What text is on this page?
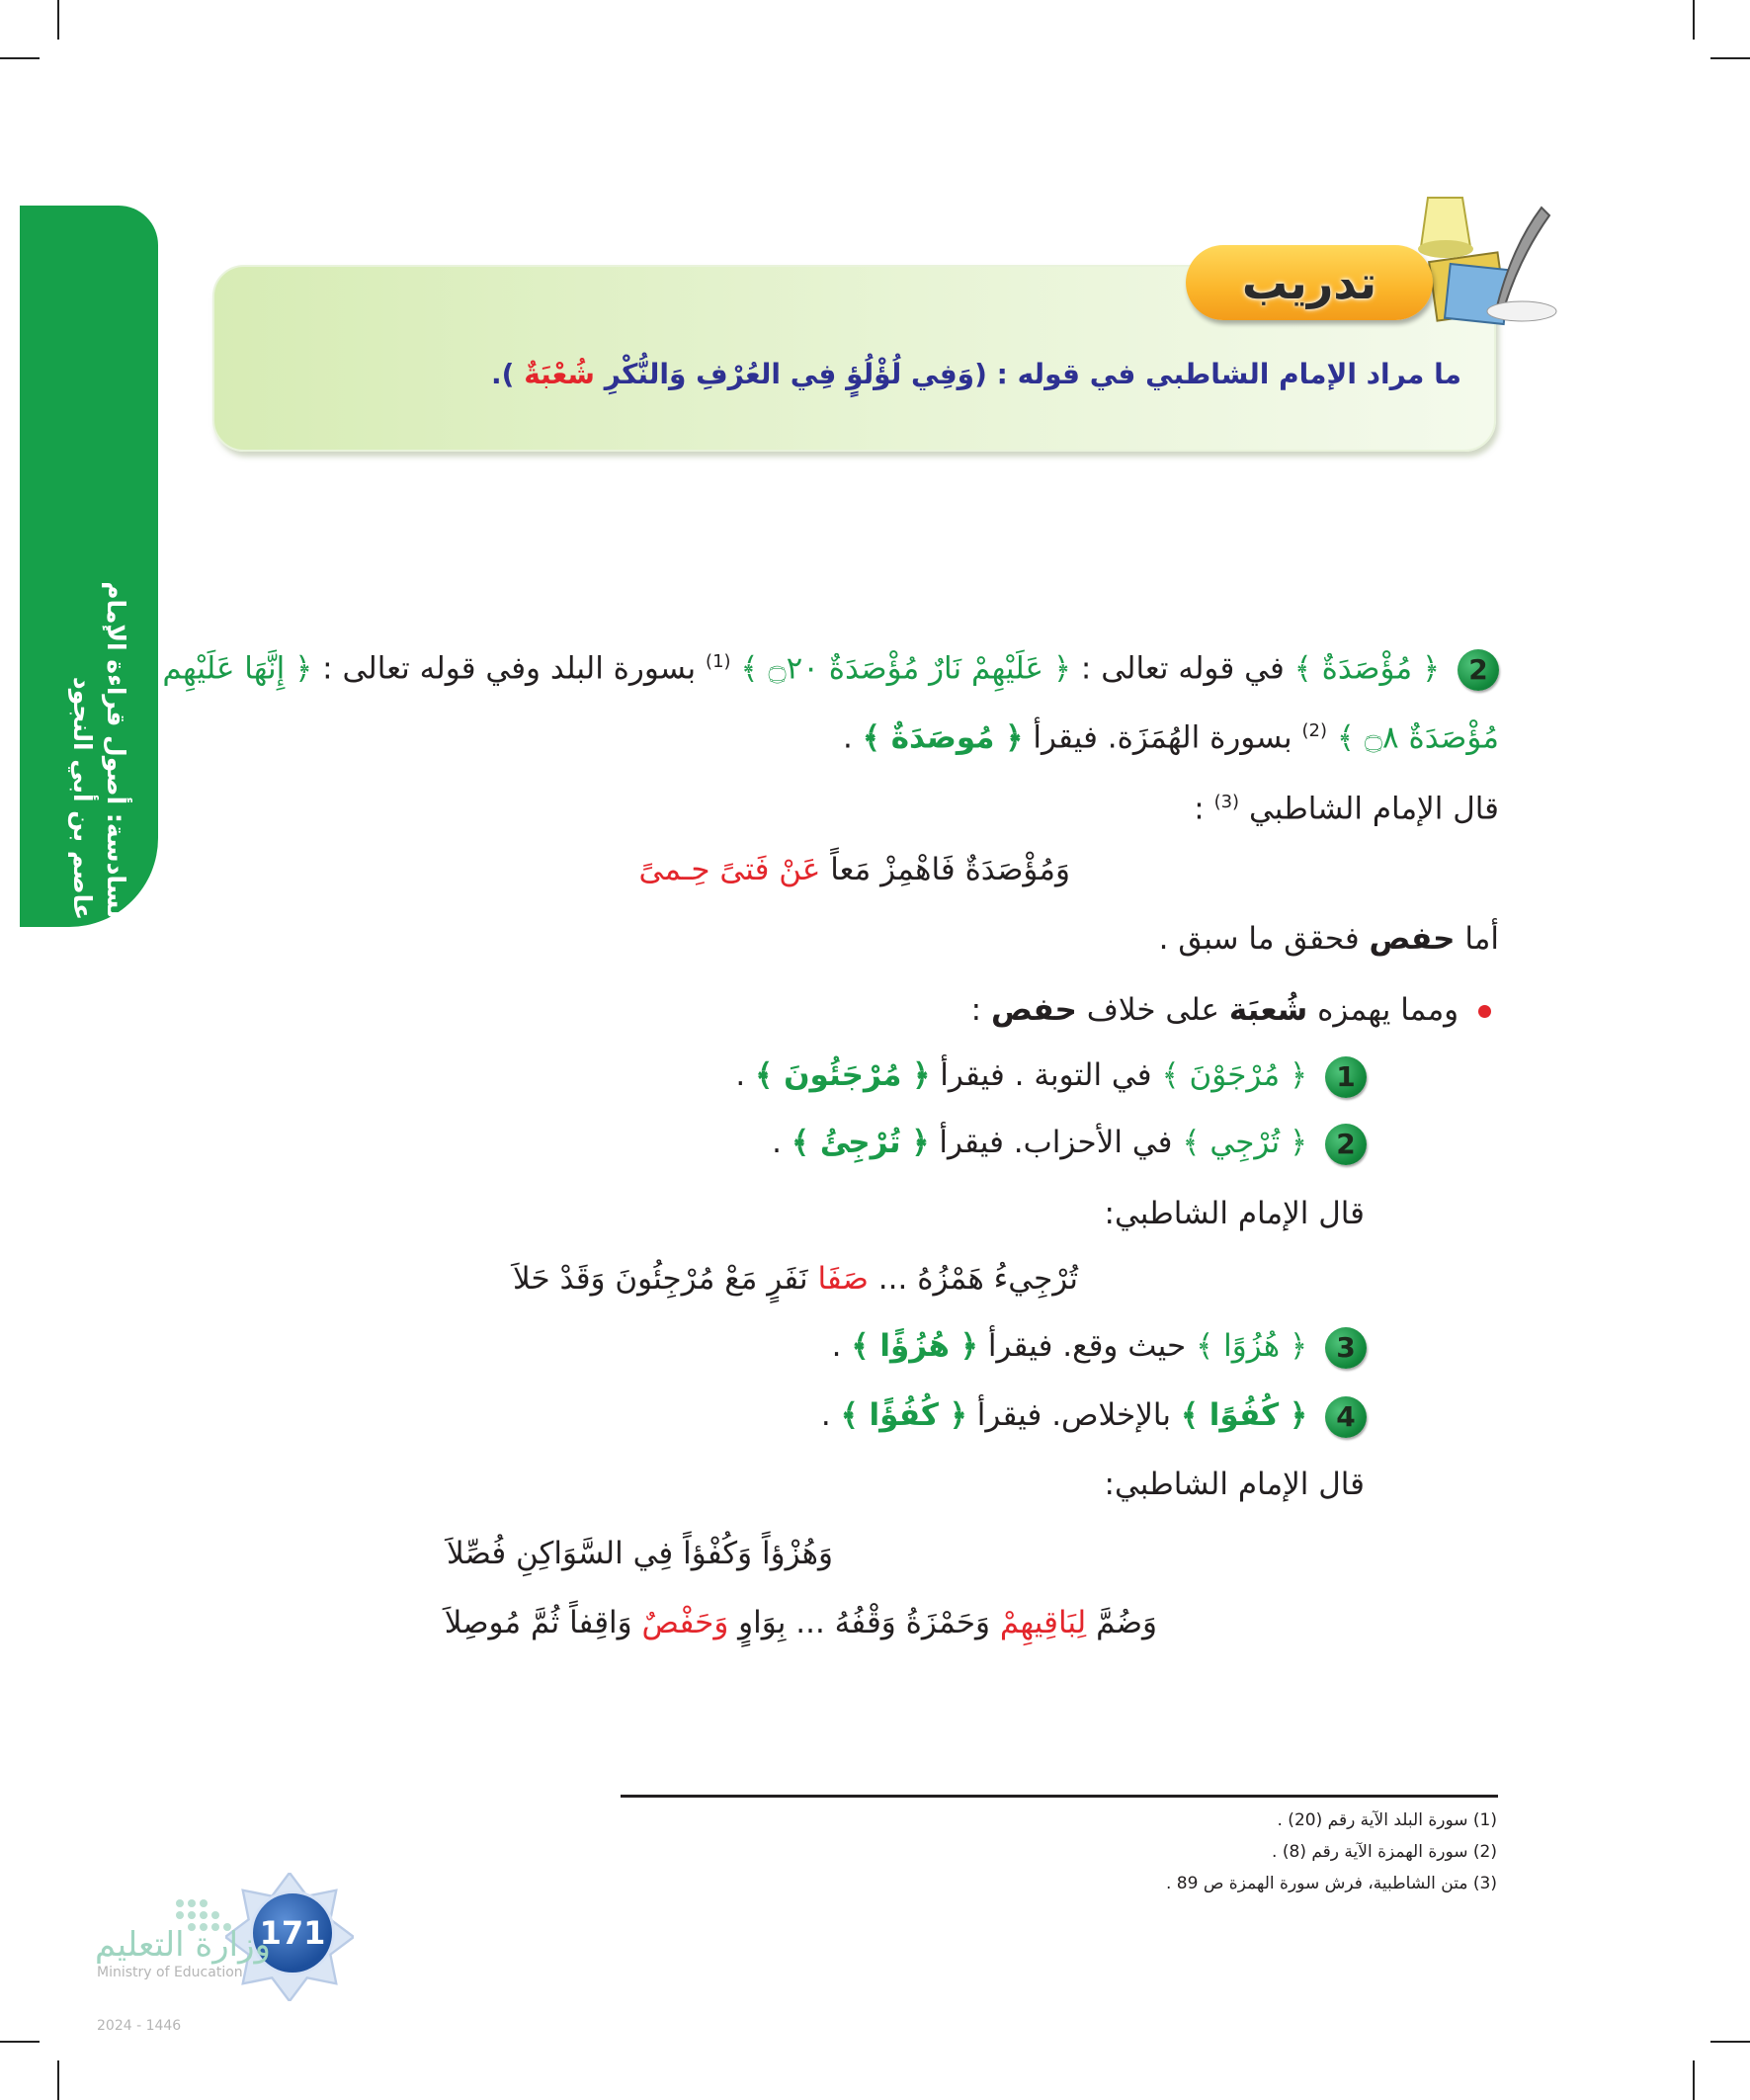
الوحدة السادسة: أصول قراءة الإمام
عاصم بن أبي النجود
تدريب
ما مراد الإمام الشاطبي في قوله : (وَفِي لُؤْلُؤٍ فِي العُرْفِ وَالنُّكْرِ شُعْبَةٌ ).
2 ﴿ مُؤْصَدَةٌ ﴾ في قوله تعالى : ﴿ عَلَيْهِمْ نَارٌ مُؤْصَدَةٌ ۝٢٠ ﴾ $^{(1)}$ بسورة البلد وفي قوله تعالى : ﴿ إِنَّهَا عَلَيْهِم
مُؤْصَدَةٌ ۝٨ ﴾ $^{(2)}$ بسورة الهُمَزَة. فيقرأ ﴿ مُوصَدَةٌ ﴾ .
قال الإمام الشاطبي $^{(3)}$ :
وَمُؤْصَدَةٌ فَاهْمِزْ مَعاً عَنْ فَتىً حِـمىً
أما حفص فحقق ما سبق .
ومما يهمزه شُعبَة على خلاف حفص :
1 ﴿ مُرْجَوْنَ ﴾ في التوبة . فيقرأ ﴿ مُرْجَئُونَ ﴾ .
2 ﴿ تُرْجِي ﴾ في الأحزاب. فيقرأ ﴿ تُرْجِئُ ﴾ .
قال الإمام الشاطبي:
تُرْجِيءُ هَمْزُهُ ... صَفَا نَفَرٍ مَعْ مُرْجِئُونَ وَقَدْ حَلاَ
3 ﴿ هُزُوًا ﴾ حيث وقع. فيقرأ ﴿ هُزُؤًا ﴾ .
4 ﴿ كُفُوًا ﴾ بالإخلاص. فيقرأ ﴿ كُفُؤًا ﴾ .
قال الإمام الشاطبي:
وَهُزْؤاً وَكُفْؤاً فِي السَّوَاكِنِ فُصِّلاَ
وَضُمَّ لِبَاقِيهِمْ وَحَمْزَةُ وَقْفُهُ ... بِوَاوٍ وَحَفْصٌ وَاقِفاً ثُمَّ مُوصِلاَ
(1) سورة البلد الآية رقم (20) .
(2) سورة الهمزة الآية رقم (8) .
(3) متن الشاطبية، فرش سورة الهمزة ص 89 .
171
وزارة التعليم
Ministry of Education
2024 - 1446
